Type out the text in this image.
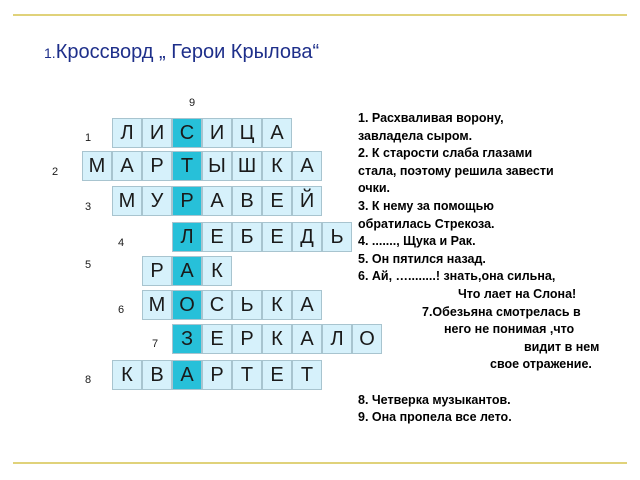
1.Кроссворд „ Герои Крылова“
9
Л И С И Ц А
1
М А Р Т Ы Ш К А
2
М У Р А В Е Й
3
Л Е Б Е Д Ь
4
Р А К
5
М О С Ь К А
6
З Е Р К А Л О
7
К В А Р Т Е Т
8
1. Расхваливая ворону,
завладела сыром.
2. К старости слаба глазами
стала, поэтому решила завести
очки.
3. К нему за помощью
обратилась Стрекоза.
4. ......., Щука и Рак.
5. Он пятился назад.
6. Ай, …........! знать,она сильна,
Что лает на Слона!
7.Обезьяна смотрелась в
него не понимая ,что
видит в нем
свое отражение.
8. Четверка музыкантов.
9. Она пропела все лето.
